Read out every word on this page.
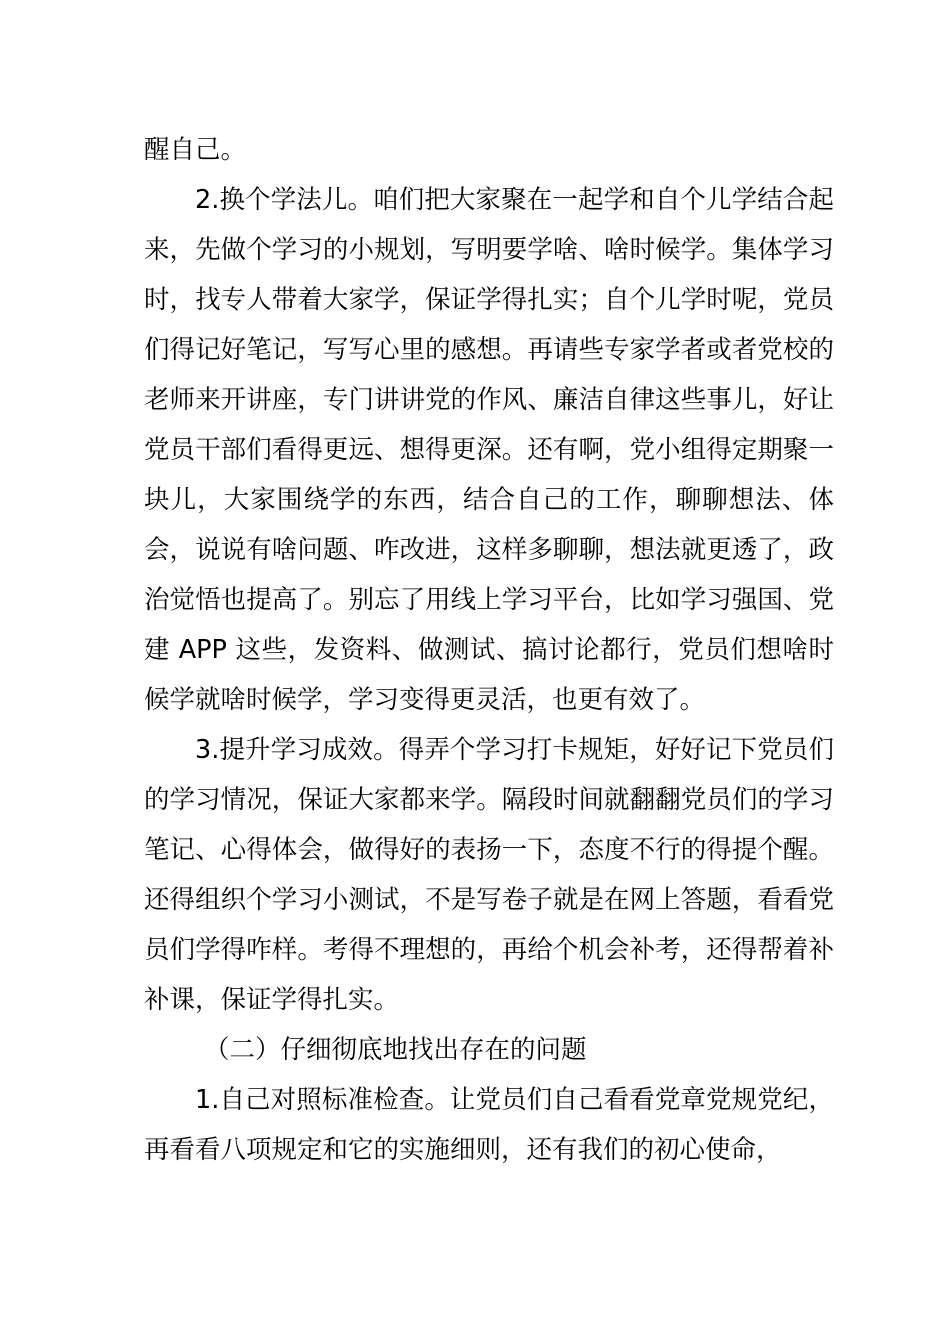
醒自己。

2.换个学法儿。咱们把大家聚在一起学和自个儿学结合起来，先做个学习的小规划，写明要学啥、啥时候学。集体学习时，找专人带着大家学，保证学得扎实；自个儿学时呢，党员们得记好笔记，写写心里的感想。再请些专家学者或者党校的老师来开讲座，专门讲讲党的作风、廉洁自律这些事儿，好让党员干部们看得更远、想得更深。还有啊，党小组得定期聚一块儿，大家围绕学的东西，结合自己的工作，聊聊想法、体会，说说有啥问题、咋改进，这样多聊聊，想法就更透了，政治觉悟也提高了。别忘了用线上学习平台，比如学习强国、党建 APP 这些，发资料、做测试、搞讨论都行，党员们想啥时候学就啥时候学，学习变得更灵活，也更有效了。

3.提升学习成效。得弄个学习打卡规矩，好好记下党员们的学习情况，保证大家都来学。隔段时间就翻翻党员们的学习笔记、心得体会，做得好的表扬一下，态度不行的得提个醒。还得组织个学习小测试，不是写卷子就是在网上答题，看看党员们学得咋样。考得不理想的，再给个机会补考，还得帮着补补课，保证学得扎实。

（二）仔细彻底地找出存在的问题

1.自己对照标准检查。让党员们自己看看党章党规党纪，再看看八项规定和它的实施细则，还有我们的初心使命，
